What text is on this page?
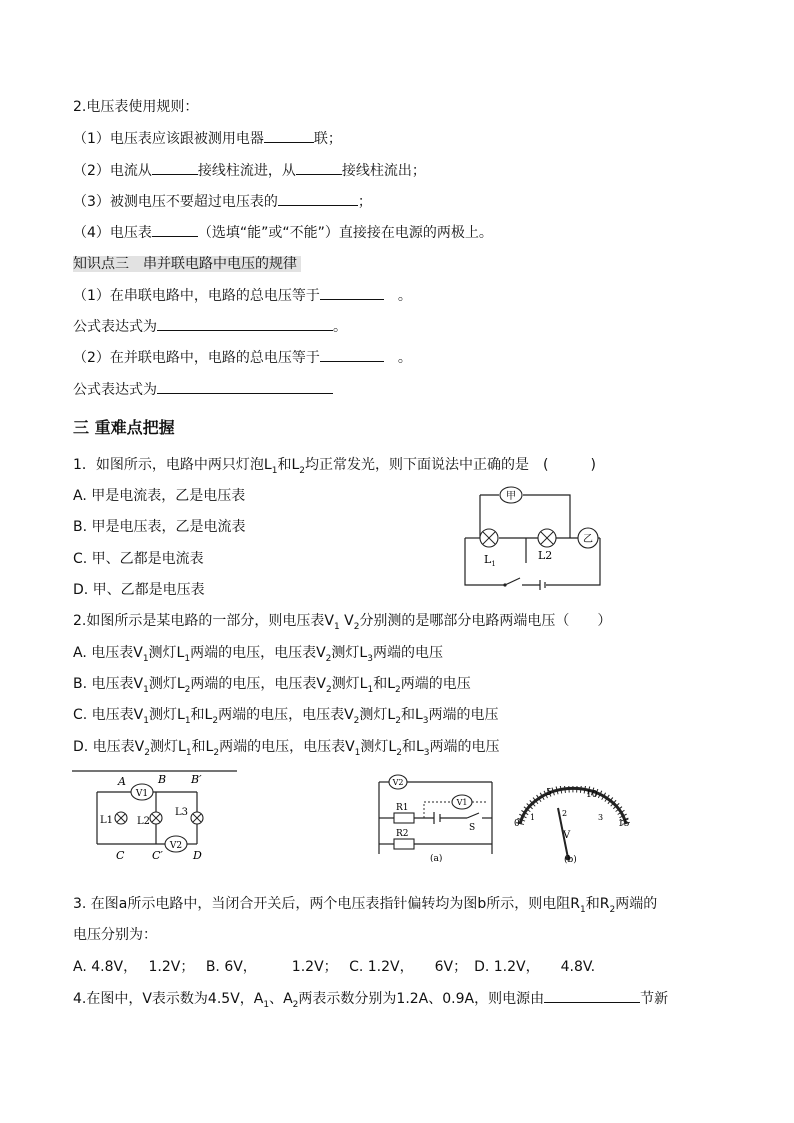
2.电压表使用规则：
（1）电压表应该跟被测用电器	联；
（2）电流从	接线柱流进，从	接线柱流出；
（3）被测电压不要超过电压表的	；
（4）电压表	（选填“能”或“不能”）直接接在电源的两极上。
知识点三　串并联电路中电压的规律
（1）在串联电路中，电路的总电压等于　	。
公式表达式为	。
（2）在并联电路中，电路的总电压等于　	。
公式表达式为
三 重难点把握
1．如图所示，电路中两只灯泡$L_1$和$L_2$均正常发光，则下面说法中正确的是　 (　　　)
A. 甲是电流表，乙是电压表
B. 甲是电压表，乙是电流表
C. 甲、乙都是电流表
D. 甲、乙都是电压表
甲
乙
$L_1$
L2
2.如图所示是某电路的一部分，则电压表$V_1$ $V_2$分别测的是哪部分电路两端电压（　　）
A. 电压表$V_1$测灯$L_1$两端的电压，电压表$V_2$测灯$L_3$两端的电压
B. 电压表$V_1$测灯$L_2$两端的电压，电压表$V_2$测灯$L_1$和$L_2$两端的电压
C. 电压表$V_1$测灯$L_1$和$L_2$两端的电压，电压表$V_2$测灯$L_2$和$L_3$两端的电压
D. 电压表$V_2$测灯$L_1$和$L_2$两端的电压，电压表$V_1$测灯$L_2$和$L_3$两端的电压
A	B B′
C	C′	D
V1
V2
L1 L2
L3
V2
V1
R1
R2
S
(a)
0
5	10
15
1	2	3
V
(b)
3. 在图a所示电路中，当闭合开关后，两个电压表指针偏转均为图b所示，则电阻$R_1$和$R_2$两端的
电压分别为：
A. 4.8V，　 1.2V；　 B. 6V，　　　1.2V；　 C. 1.2V，　　6V；　D. 1.2V，　　4.8V.
4.在图中，V表示数为4.5V，$A_1$、$A_2$两表示数分别为1.2A、0.9A，则电源由	节新
